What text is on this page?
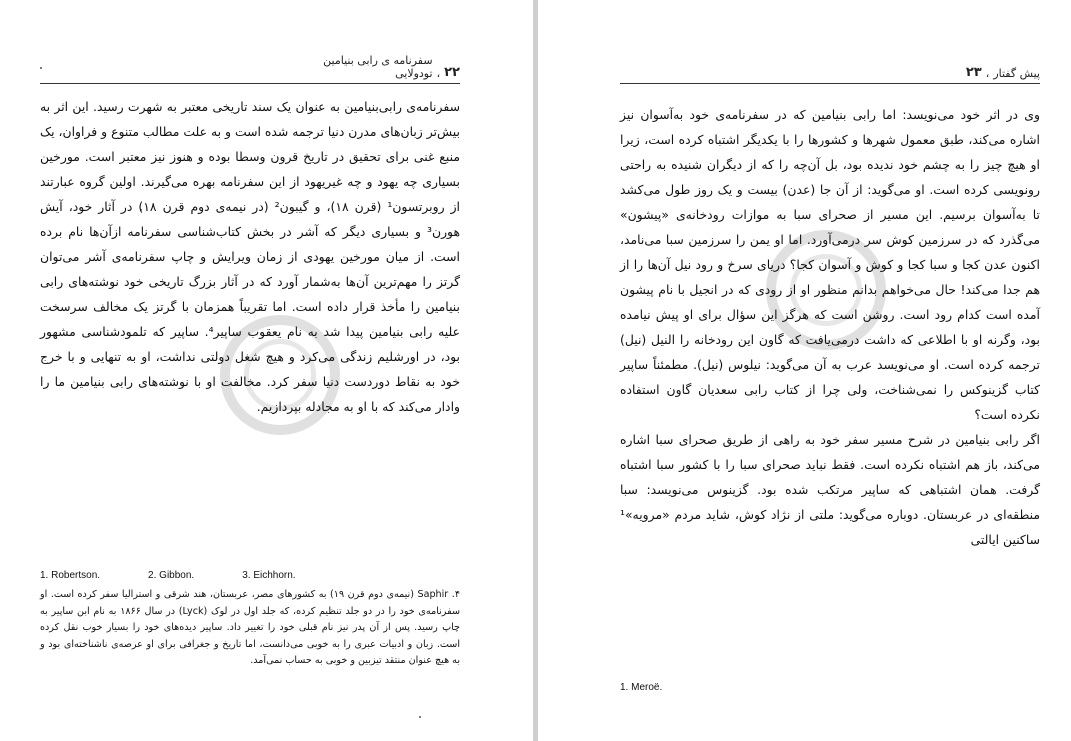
۲۲
،
سفرنامه ی رابی بنیامین تودولایی

سفرنامه‌ی رابی‌بنیامین به عنوان یک سند تاریخی معتبر به شهرت رسید. این اثر به بیش‌تر زبان‌های مدرن دنیا ترجمه شده است و به علت مطالب متنوع و فراوان، یک منبع غنی برای تحقیق در تاریخ قرون وسطا بوده و هنوز نیز معتبر است. مورخین بسیاری چه یهود و چه غیریهود از این سفرنامه بهره می‌گیرند. اولین گروه عبارتند از روبرتسون¹ (قرن ۱۸)، و گیبون² (در نیمه‌ی دوم قرن ۱۸) در آثار خود، آیش هورن³ و بسیاری دیگر که آشر در بخش کتاب‌شناسی سفرنامه ازآن‌ها نام برده است. از میان مورخین یهودی از زمان ویرایش و چاپ سفرنامه‌ی آشر می‌توان گرتز را مهم‌ترین آن‌ها به‌شمار آورد که در آثار بزرگ تاریخی خود نوشته‌های رابی بنیامین را مأخذ قرار داده است. اما تقریباً همزمان با گرتز یک مخالف سرسخت علیه رابی بنیامین پیدا شد به نام یعقوب ساپیر⁴. ساپیر که تلمودشناسی مشهور بود، در اورشلیم زندگی می‌کرد و هیچ شغل دولتی نداشت، او به تنهایی و با خرج خود به نقاط دوردست دنیا سفر کرد. مخالفت او با نوشته‌های رابی بنیامین ما را وادار می‌کند که با او به مجادله بپردازیم.

1. Robertson.	2. Gibbon.	3. Eichhorn.
۴. Saphir (نیمه‌ی دوم قرن ۱۹) به کشورهای مصر، عربستان، هند شرقی و استرالیا سفر کرده است. او سفرنامه‌ی خود را در دو جلد تنظیم کرده، که جلد اول در لوک (Lyck) در سال ۱۸۶۶ به نام ابن ساپیر به چاپ رسید. پس از آن پدر نیز نام قبلی خود را تغییر داد. ساپیر دیده‌های خود را بسیار خوب نقل کرده است. زبان و ادبیات عبری را به خوبی می‌دانست، اما تاریخ و جغرافی برای او عرصه‌ی ناشناخته‌ای بود و به هیچ عنوان منتقد تیزبین و خوبی به حساب نمی‌آمد.
پیش گفتار
،
۲۳

وی در اثر خود می‌نویسد: اما رابی بنیامین که در سفرنامه‌ی خود به‌آسوان نیز اشاره می‌کند، طبق معمول شهرها و کشورها را با یکدیگر اشتباه کرده است، زیرا او هیچ چیز را به چشم خود ندیده بود، بل آن‌چه را که از دیگران شنیده به راحتی رونویسی کرده است. او می‌گوید: از آن جا (عدن) بیست و یک روز طول می‌کشد تا به‌آسوان برسیم. این مسیر از صحرای سبا به موازات رودخانه‌ی «پیشون» می‌گذرد که در سرزمین کوش سر درمی‌آورد. اما او یمن را سرزمین سبا می‌نامد، اکنون عدن کجا و سبا کجا و کوش و آسوان کجا؟ دریای سرخ و رود نیل آن‌ها را از هم جدا می‌کند! حال می‌خواهم بدانم منظور او از رودی که در انجیل با نام پیشون آمده است کدام رود است. روشن است که هرگز این سؤال برای او پیش نیامده بود، وگرنه او با اطلاعی که داشت درمی‌یافت که گاون این رودخانه را النیل (نیل) ترجمه کرده است. او می‌نویسد عرب به آن می‌گوید: نیلوس (نیل). مطمئناً ساپیر کتاب گزینوکس را نمی‌شناخت، ولی چرا از کتاب رابی سعدیان گاون استفاده نکرده است؟

اگر رابی بنیامین در شرح مسیر سفر خود به راهی از طریق صحرای سبا اشاره می‌کند، باز هم اشتباه نکرده است. فقط نباید صحرای سبا را با کشور سبا اشتباه گرفت. همان اشتباهی که ساپیر مرتکب شده بود. گزینوس می‌نویسد: سبا منطقه‌ای در عربستان. دوباره می‌گوید: ملتی از نژاد کوش، شاید مردم «مرویه»¹ ساکنین ایالتی

1. Meroë.
